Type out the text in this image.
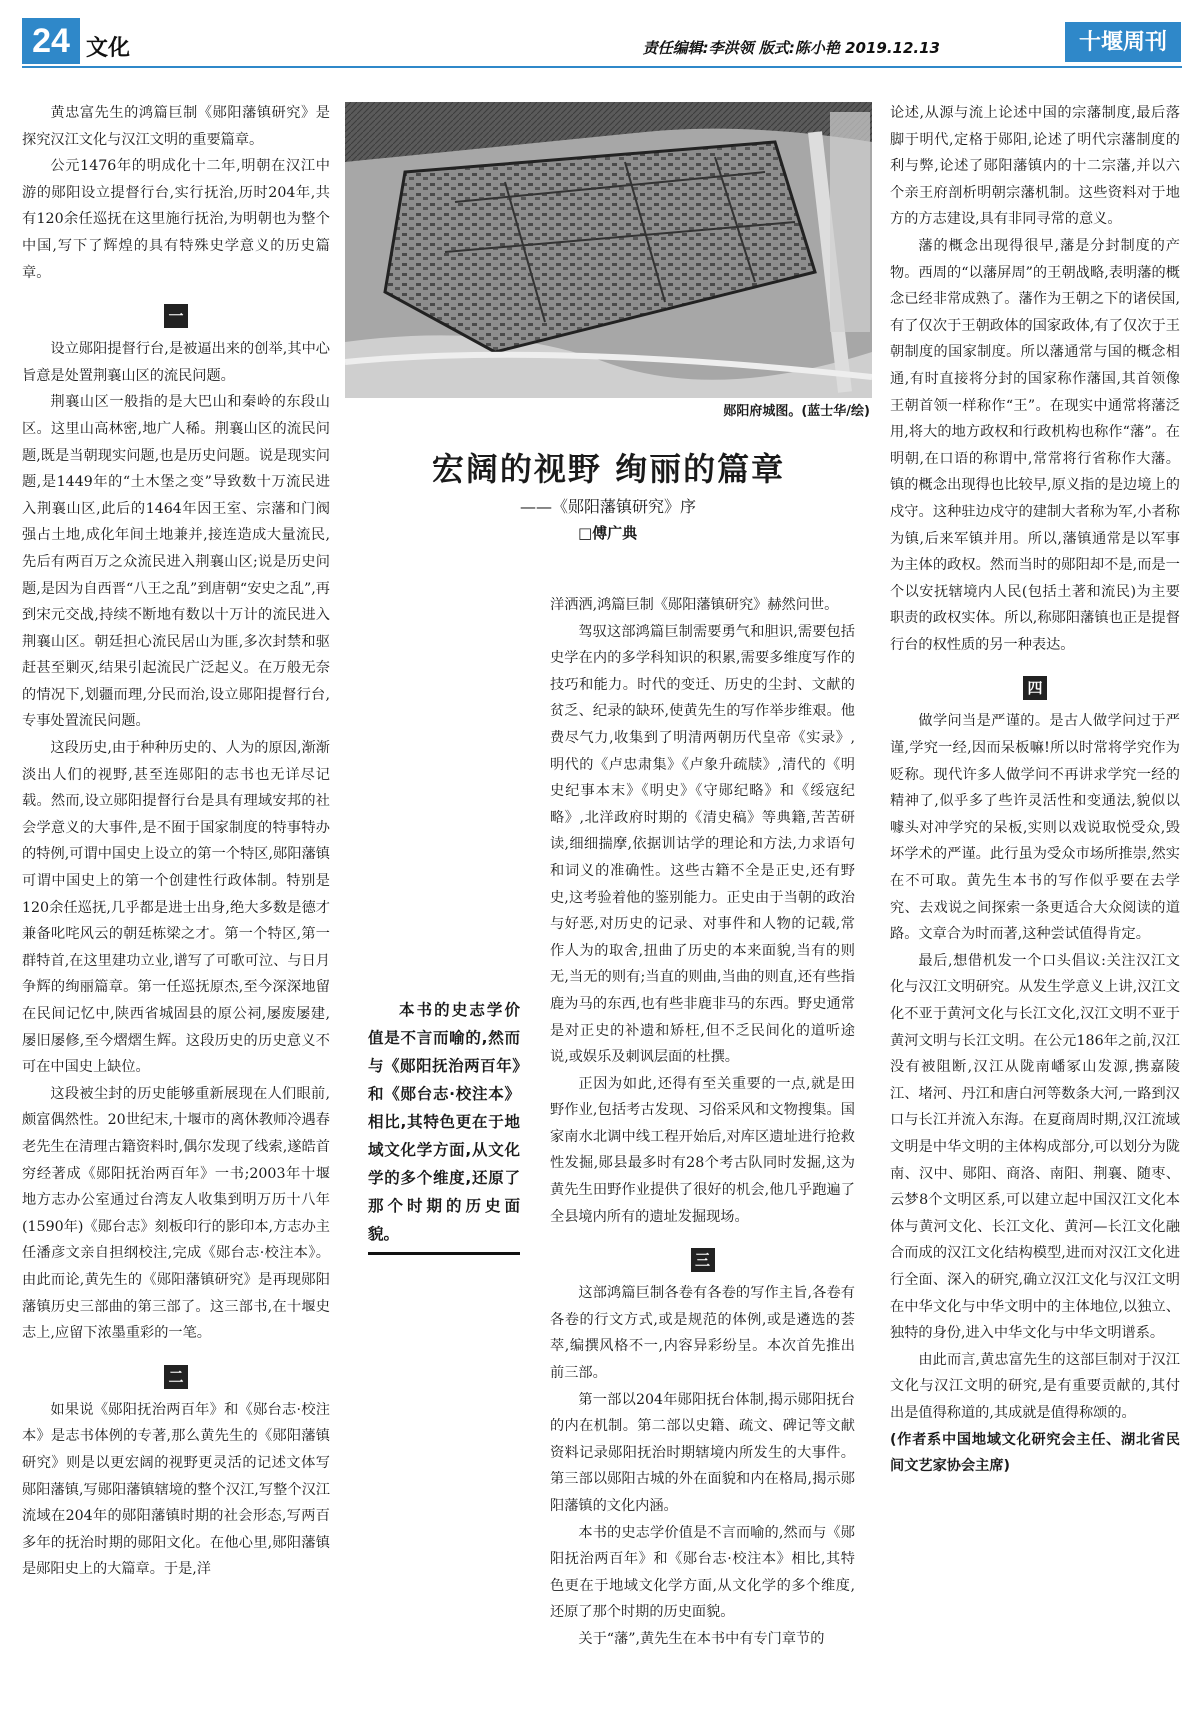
24 文化	责任编辑:李洪领 版式:陈小艳 2019.12.13	十堰周刊

黄忠富先生的鸿篇巨制《郧阳藩镇研究》是探究汉江文化与汉江文明的重要篇章。

公元1476年的明成化十二年,明朝在汉江中游的郧阳设立提督行台,实行抚治,历时204年,共有120余任巡抚在这里施行抚治,为明朝也为整个中国,写下了辉煌的具有特殊史学意义的历史篇章。

一

设立郧阳提督行台,是被逼出来的创举,其中心旨意是处置荆襄山区的流民问题。

荆襄山区一般指的是大巴山和秦岭的东段山区。这里山高林密,地广人稀。荆襄山区的流民问题,既是当朝现实问题,也是历史问题。说是现实问题,是1449年的“土木堡之变”导致数十万流民进入荆襄山区,此后的1464年因王室、宗藩和门阀强占土地,成化年间土地兼并,接连造成大量流民,先后有两百万之众流民进入荆襄山区;说是历史问题,是因为自西晋“八王之乱”到唐朝“安史之乱”,再到宋元交战,持续不断地有数以十万计的流民进入荆襄山区。朝廷担心流民居山为匪,多次封禁和驱赶甚至剿灭,结果引起流民广泛起义。在万般无奈的情况下,划疆而理,分民而治,设立郧阳提督行台,专事处置流民问题。

这段历史,由于种种历史的、人为的原因,渐渐淡出人们的视野,甚至连郧阳的志书也无详尽记载。然而,设立郧阳提督行台是具有理域安邦的社会学意义的大事件,是不囿于国家制度的特事特办的特例,可谓中国史上设立的第一个特区,郧阳藩镇可谓中国史上的第一个创建性行政体制。特别是120余任巡抚,几乎都是进士出身,绝大多数是德才兼备叱咤风云的朝廷栋梁之才。第一个特区,第一群特首,在这里建功立业,谱写了可歌可泣、与日月争辉的绚丽篇章。第一任巡抚原杰,至今深深地留在民间记忆中,陕西省城固县的原公祠,屡废屡建,屡旧屡修,至今熠熠生辉。这段历史的历史意义不可在中国史上缺位。

这段被尘封的历史能够重新展现在人们眼前,颇富偶然性。20世纪末,十堰市的离休教师冷遇春老先生在清理古籍资料时,偶尔发现了线索,遂皓首穷经著成《郧阳抚治两百年》一书;2003年十堰地方志办公室通过台湾友人收集到明万历十八年(1590年)《郧台志》刻板印行的影印本,方志办主任潘彦文亲自担纲校注,完成《郧台志·校注本》。由此而论,黄先生的《郧阳藩镇研究》是再现郧阳藩镇历史三部曲的第三部了。这三部书,在十堰史志上,应留下浓墨重彩的一笔。

二

如果说《郧阳抚治两百年》和《郧台志·校注本》是志书体例的专著,那么黄先生的《郧阳藩镇研究》则是以更宏阔的视野更灵活的记述文体写郧阳藩镇,写郧阳藩镇辖境的整个汉江,写整个汉江流域在204年的郧阳藩镇时期的社会形态,写两百多年的抚治时期的郧阳文化。在他心里,郧阳藩镇是郧阳史上的大篇章。于是,洋

郧阳府城图。(蓝士华/绘)
宏阔的视野 绚丽的篇章
——《郧阳藩镇研究》序
□傅广典
本书的史志学价值是不言而喻的,然而与《郧阳抚治两百年》和《郧台志·校注本》相比,其特色更在于地域文化学方面,从文化学的多个维度,还原了那个时期的历史面貌。

洋洒洒,鸿篇巨制《郧阳藩镇研究》赫然问世。

驾驭这部鸿篇巨制需要勇气和胆识,需要包括史学在内的多学科知识的积累,需要多维度写作的技巧和能力。时代的变迁、历史的尘封、文献的贫乏、纪录的缺环,使黄先生的写作举步维艰。他费尽气力,收集到了明清两朝历代皇帝《实录》,明代的《卢忠肃集》《卢象升疏牍》,清代的《明史纪事本末》《明史》《守郧纪略》和《绥寇纪略》,北洋政府时期的《清史稿》等典籍,苦苦研读,细细揣摩,依据训诂学的理论和方法,力求语句和词义的准确性。这些古籍不全是正史,还有野史,这考验着他的鉴别能力。正史由于当朝的政治与好恶,对历史的记录、对事件和人物的记载,常作人为的取舍,扭曲了历史的本来面貌,当有的则无,当无的则有;当直的则曲,当曲的则直,还有些指鹿为马的东西,也有些非鹿非马的东西。野史通常是对正史的补遗和矫枉,但不乏民间化的道听途说,或娱乐及刺讽层面的杜撰。

正因为如此,还得有至关重要的一点,就是田野作业,包括考古发现、习俗采风和文物搜集。国家南水北调中线工程开始后,对库区遗址进行抢救性发掘,郧县最多时有28个考古队同时发掘,这为黄先生田野作业提供了很好的机会,他几乎跑遍了全县境内所有的遗址发掘现场。

三

这部鸿篇巨制各卷有各卷的写作主旨,各卷有各卷的行文方式,或是规范的体例,或是遴选的荟萃,编撰风格不一,内容异彩纷呈。本次首先推出前三部。

第一部以204年郧阳抚台体制,揭示郧阳抚台的内在机制。第二部以史籍、疏文、碑记等文献资料记录郧阳抚治时期辖境内所发生的大事件。第三部以郧阳古城的外在面貌和内在格局,揭示郧阳藩镇的文化内涵。

本书的史志学价值是不言而喻的,然而与《郧阳抚治两百年》和《郧台志·校注本》相比,其特色更在于地域文化学方面,从文化学的多个维度,还原了那个时期的历史面貌。

关于“藩”,黄先生在本书中有专门章节的

论述,从源与流上论述中国的宗藩制度,最后落脚于明代,定格于郧阳,论述了明代宗藩制度的利与弊,论述了郧阳藩镇内的十二宗藩,并以六个亲王府剖析明朝宗藩机制。这些资料对于地方的方志建设,具有非同寻常的意义。

藩的概念出现得很早,藩是分封制度的产物。西周的“以藩屏周”的王朝战略,表明藩的概念已经非常成熟了。藩作为王朝之下的诸侯国,有了仅次于王朝政体的国家政体,有了仅次于王朝制度的国家制度。所以藩通常与国的概念相通,有时直接将分封的国家称作藩国,其首领像王朝首领一样称作“王”。在现实中通常将藩泛用,将大的地方政权和行政机构也称作“藩”。在明朝,在口语的称谓中,常常将行省称作大藩。镇的概念出现得也比较早,原义指的是边境上的戍守。这种驻边戍守的建制大者称为军,小者称为镇,后来军镇并用。所以,藩镇通常是以军事为主体的政权。然而当时的郧阳却不是,而是一个以安抚辖境内人民(包括土著和流民)为主要职责的政权实体。所以,称郧阳藩镇也正是提督行台的权性质的另一种表达。

四

做学问当是严谨的。是古人做学问过于严谨,学究一经,因而呆板嘛!所以时常将学究作为贬称。现代许多人做学问不再讲求学究一经的精神了,似乎多了些许灵活性和变通法,貌似以噱头对冲学究的呆板,实则以戏说取悦受众,毁坏学术的严谨。此行虽为受众市场所推崇,然实在不可取。黄先生本书的写作似乎要在去学究、去戏说之间探索一条更适合大众阅读的道路。文章合为时而著,这种尝试值得肯定。

最后,想借机发一个口头倡议:关注汉江文化与汉江文明研究。从发生学意义上讲,汉江文化不亚于黄河文化与长江文化,汉江文明不亚于黄河文明与长江文明。在公元186年之前,汉江没有被阻断,汉江从陇南嶓冢山发源,携嘉陵江、堵河、丹江和唐白河等数条大河,一路到汉口与长江并流入东海。在夏商周时期,汉江流域文明是中华文明的主体构成部分,可以划分为陇南、汉中、郧阳、商洛、南阳、荆襄、随枣、云梦8个文明区系,可以建立起中国汉江文化本体与黄河文化、长江文化、黄河—长江文化融合而成的汉江文化结构模型,进而对汉江文化进行全面、深入的研究,确立汉江文化与汉江文明在中华文化与中华文明中的主体地位,以独立、独特的身份,进入中华文化与中华文明谱系。

由此而言,黄忠富先生的这部巨制对于汉江文化与汉江文明的研究,是有重要贡献的,其付出是值得称道的,其成就是值得称颂的。

(作者系中国地域文化研究会主任、湖北省民间文艺家协会主席)
